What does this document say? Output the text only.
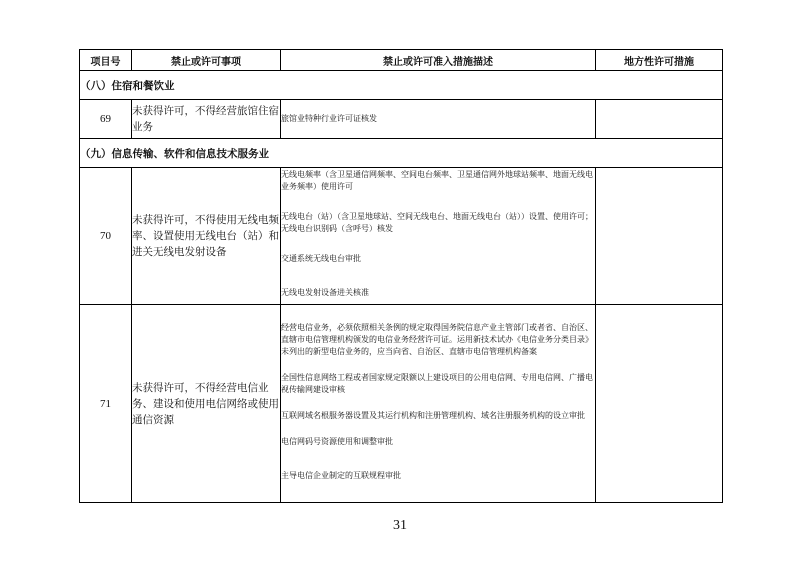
项目号	禁止或许可事项	禁止或许可准入措施描述	地方性许可措施
（八）住宿和餐饮业			
69	未获得许可，不得经营旅馆住宿业务	旅馆业特种行业许可证核发	

（九）信息传输、软件和信息技术服务业			
70	未获得许可，不得使用无线电频率、设置使用无线电台（站）和进关无线电发射设备	无线电频率（含卫星通信网频率、空间电台频率、卫星通信网外地球站频率、地面无线电业务频率）使用许可
无线电台（站）（含卫星地球站、空间无线电台、地面无线电台（站））设置、使用许可；无线电台识别码（含呼号）核发
交通系统无线电台审批
无线电发射设备进关核准	

71	未获得许可，不得经营电信业务、建设和使用电信网络或使用通信资源	经营电信业务，必须依照相关条例的规定取得国务院信息产业主管部门或者省、自治区、直辖市电信管理机构颁发的电信业务经营许可证。运用新技术试办《电信业务分类目录》未列出的新型电信业务的，应当向省、自治区、直辖市电信管理机构备案
全国性信息网络工程或者国家规定限额以上建设项目的公用电信网、专用电信网、广播电视传输网建设审核
互联网域名根服务器设置及其运行机构和注册管理机构、域名注册服务机构的设立审批
电信网码号资源使用和调整审批
主导电信企业制定的互联规程审批	

31
